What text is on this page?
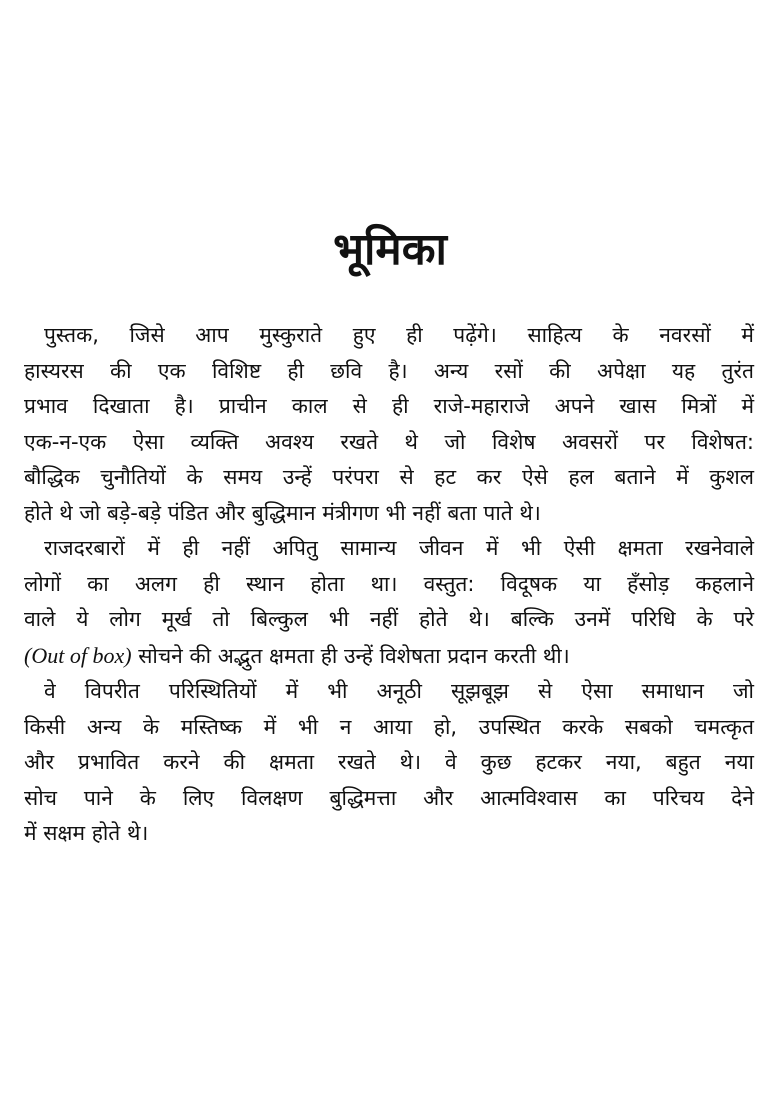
भूमिका
पुस्तक, जिसे आप मुस्कुराते हुए ही पढ़ेंगे। साहित्य के नवरसों में
हास्यरस की एक विशिष्ट ही छवि है। अन्य रसों की अपेक्षा यह तुरंत
प्रभाव दिखाता है। प्राचीन काल से ही राजे-महाराजे अपने खास मित्रों में
एक-न-एक ऐसा व्यक्ति अवश्य रखते थे जो विशेष अवसरों पर विशेषत:
बौद्धिक चुनौतियों के समय उन्हें परंपरा से हट कर ऐसे हल बताने में कुशल
होते थे जो बड़े-बड़े पंडित और बुद्धिमान मंत्रीगण भी नहीं बता पाते थे।
राजदरबारों में ही नहीं अपितु सामान्य जीवन में भी ऐसी क्षमता रखनेवाले
लोगों का अलग ही स्थान होता था। वस्तुत: विदूषक या हँसोड़ कहलाने
वाले ये लोग मूर्ख तो बिल्कुल भी नहीं होते थे। बल्कि उनमें परिधि के परे
(Out of box) सोचने की अद्भुत क्षमता ही उन्हें विशेषता प्रदान करती थी।
वे विपरीत परिस्थितियों में भी अनूठी सूझबूझ से ऐसा समाधान जो
किसी अन्य के मस्तिष्क में भी न आया हो, उपस्थित करके सबको चमत्कृत
और प्रभावित करने की क्षमता रखते थे। वे कुछ हटकर नया, बहुत नया
सोच पाने के लिए विलक्षण बुद्धिमत्ता और आत्मविश्वास का परिचय देने
में सक्षम होते थे।
